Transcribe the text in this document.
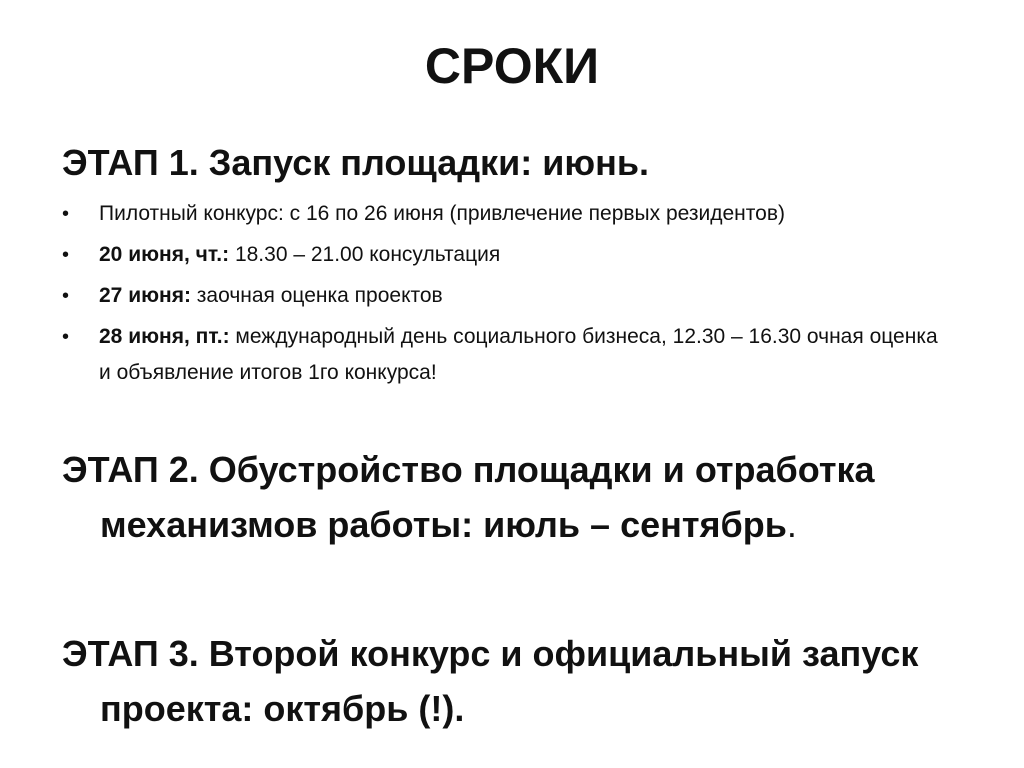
СРОКИ
ЭТАП 1. Запуск площадки: июнь.
•	Пилотный конкурс: с 16 по 26 июня (привлечение первых резидентов)
•	20 июня, чт.: 18.30 – 21.00 консультация
•	27 июня: заочная оценка проектов
•	28 июня, пт.: международный день социального бизнеса, 12.30 – 16.30 очная оценка и объявление итогов 1го конкурса!
ЭТАП 2. Обустройство площадки и отработка механизмов работы: июль – сентябрь.
ЭТАП 3. Второй конкурс и официальный запуск проекта: октябрь (!).
